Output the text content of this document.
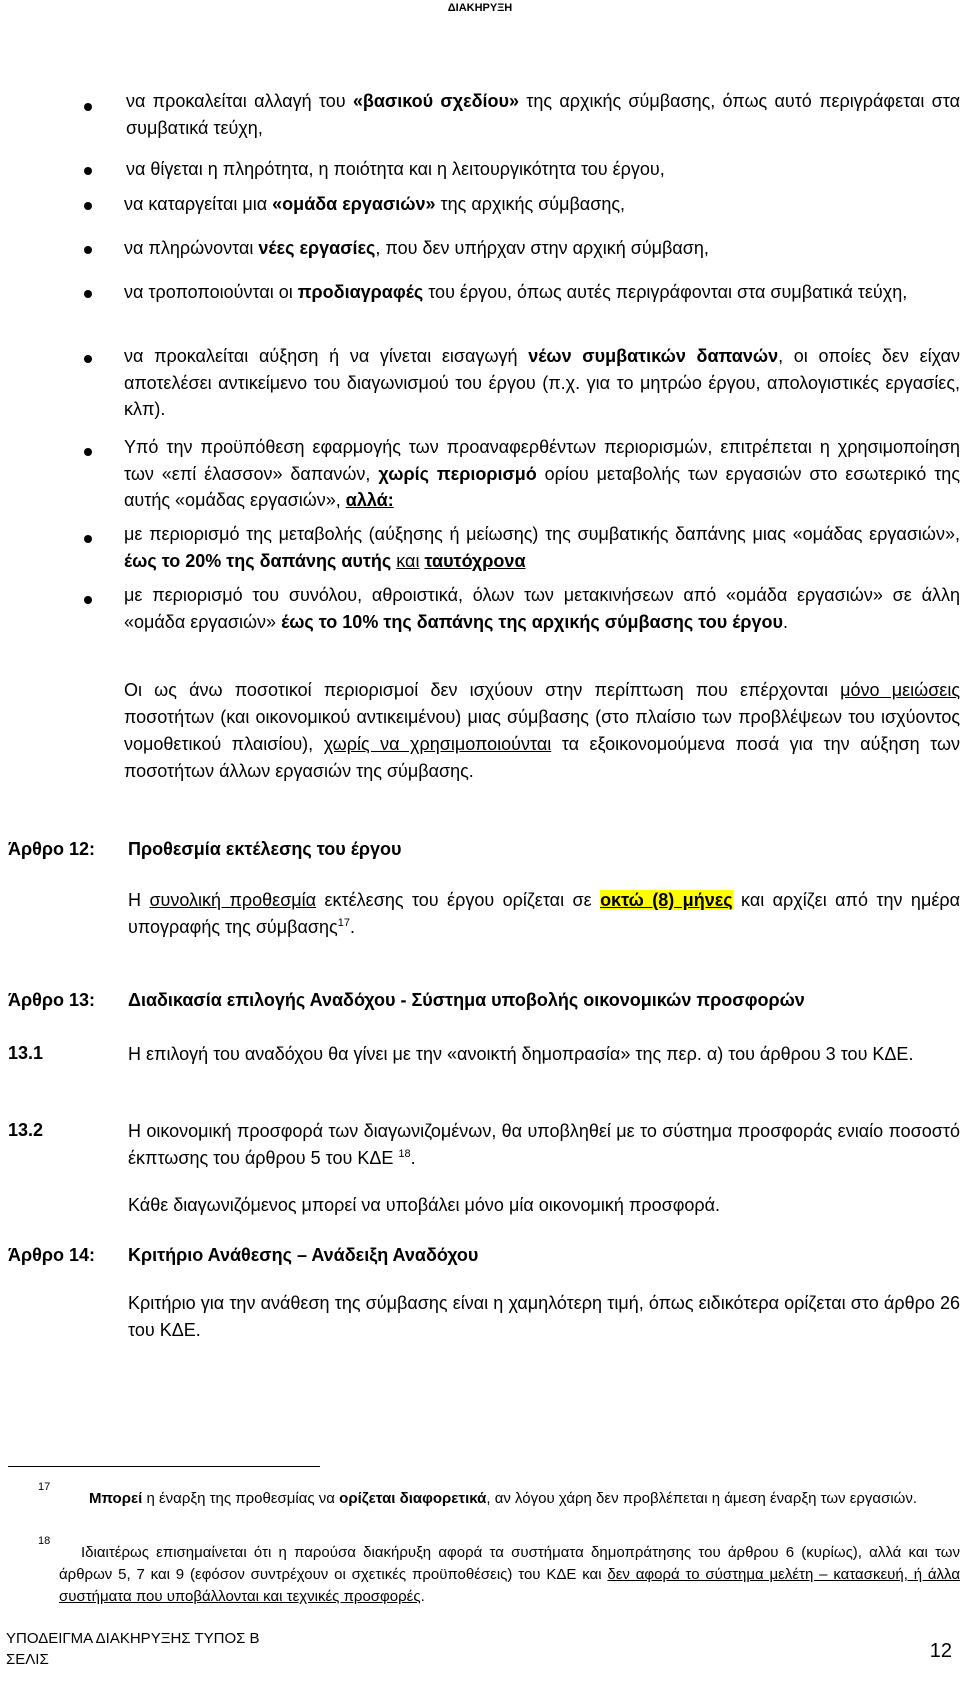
ΔΙΑΚΗΡΥΞΗ
να προκαλείται αλλαγή του «βασικού σχεδίου» της αρχικής σύμβασης, όπως αυτό περιγράφεται στα συμβατικά τεύχη,
να θίγεται η πληρότητα, η ποιότητα και η λειτουργικότητα του έργου,
να καταργείται μια «ομάδα εργασιών» της αρχικής σύμβασης,
να πληρώνονται νέες εργασίες, που δεν υπήρχαν στην αρχική σύμβαση,
να τροποποιούνται οι προδιαγραφές του έργου, όπως αυτές περιγράφονται στα συμβατικά τεύχη,
να προκαλείται αύξηση ή να γίνεται εισαγωγή νέων συμβατικών δαπανών, οι οποίες δεν είχαν αποτελέσει αντικείμενο του διαγωνισμού του έργου (π.χ. για το μητρώο έργου, απολογιστικές εργασίες, κλπ).
Υπό την προϋπόθεση εφαρμογής των προαναφερθέντων περιορισμών, επιτρέπεται η χρησιμοποίηση των «επί έλασσον» δαπανών, χωρίς περιορισμό ορίου μεταβολής των εργασιών στο εσωτερικό της αυτής «ομάδας εργασιών», αλλά:
με περιορισμό της μεταβολής (αύξησης ή μείωσης) της συμβατικής δαπάνης μιας «ομάδας εργασιών», έως το 20% της δαπάνης αυτής και ταυτόχρονα
με περιορισμό του συνόλου, αθροιστικά, όλων των μετακινήσεων από «ομάδα εργασιών» σε άλλη «ομάδα εργασιών» έως το 10% της δαπάνης της αρχικής σύμβασης του έργου.
Οι ως άνω ποσοτικοί περιορισμοί δεν ισχύουν στην περίπτωση που επέρχονται μόνο μειώσεις ποσοτήτων (και οικονομικού αντικειμένου) μιας σύμβασης (στο πλαίσιο των προβλέψεων του ισχύοντος νομοθετικού πλαισίου), χωρίς να χρησιμοποιούνται τα εξοικονομούμενα ποσά για την αύξηση των ποσοτήτων άλλων εργασιών της σύμβασης.
Άρθρο 12: Προθεσμία εκτέλεσης του έργου
Η συνολική προθεσμία εκτέλεσης του έργου ορίζεται σε οκτώ (8) μήνες και αρχίζει από την ημέρα υπογραφής της σύμβασης$^{17}$.
Άρθρο 13: Διαδικασία επιλογής Αναδόχου - Σύστημα υποβολής οικονομικών προσφορών
13.1	Η επιλογή του αναδόχου θα γίνει με την «ανοικτή δημοπρασία» της περ. α) του άρθρου 3 του ΚΔΕ.
13.2	Η οικονομική προσφορά των διαγωνιζομένων, θα υποβληθεί με το σύστημα προσφοράς ενιαίο ποσοστό έκπτωσης του άρθρου 5 του ΚΔΕ $^{18}$.
Κάθε διαγωνιζόμενος μπορεί να υποβάλει μόνο μία οικονομική προσφορά.
Άρθρο 14: Κριτήριο Ανάθεσης – Ανάδειξη Αναδόχου
Κριτήριο για την ανάθεση της σύμβασης είναι η χαμηλότερη τιμή, όπως ειδικότερα ορίζεται στο άρθρο 26 του ΚΔΕ.
17
Μπορεί η έναρξη της προθεσμίας να ορίζεται διαφορετικά, αν λόγου χάρη δεν προβλέπεται η άμεση έναρξη των εργασιών.
18
Ιδιαιτέρως επισημαίνεται ότι η παρούσα διακήρυξη αφορά τα συστήματα δημοπράτησης του άρθρου 6 (κυρίως), αλλά και των άρθρων 5, 7 και 9 (εφόσον συντρέχουν οι σχετικές προϋποθέσεις) του ΚΔΕ και δεν αφορά το σύστημα μελέτη – κατασκευή, ή άλλα συστήματα που υποβάλλονται και τεχνικές προσφορές.
ΥΠΟΔΕΙΓΜΑ ΔΙΑΚΗΡΥΞΗΣ ΤΥΠΟΣ Β
ΣΕΛΙΣ	12
